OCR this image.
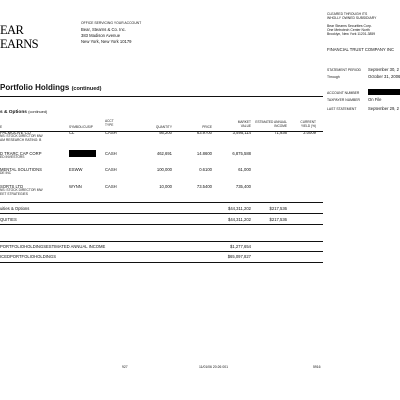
EAR
EARNS
OFFICE SERVICING YOUR ACCOUNT
Bear, Stearns & Co. Inc.
383 Madison Avenue
New York, New York 10179
CLEARED THROUGH ITS
WHOLLY OWNED SUBSIDIARY
Bear Stearns Securities Corp.
One Metrotech Center North
Brooklyn, New York 11201-3859
FINANCIAL TRUST COMPANY INC
STATEMENT PERIOD September 30, 2
Through	October 31, 2006
ACCOUNT NUMBER
TAXPAYER NUMBER On File
LAST STATEMENT	September 29, 2
Portfolio Holdings (continued)
s & Options (continued)
E	SYMBOL/CUSIP
ACCT TYPE
QUANTITY	PRICE
MARKET VALUE
ESTIMATED ANNUAL INCOME
CURRENT YIELD (%)
PALMOLIVE CO
NS: STOCK DIRECTOR MW
AM RESEARCH RATING: B
CL	CASH	56,200	63.9700	3,595,114	71,936	2.0009
D TRARC CAP CORP
ED INVESTORS
CASH	462,691	14.8600	6,875,588
MENTAL SOLUTIONS
DE INC
ESWW	CASH	100,000	0.6100	61,000
SORTS LTD
NS: STOCK DIRECTOR MW
EET STRATEGIES
WYNN	CASH	10,000	73.5400	735,400
uities & Options	$44,311,202	$217,536
QUITIES	$44,311,202	$217,536
PORTFOLIOHOLDINGSESTIMATED ANNUAL INCOME	$1,277,654
ICEDPORTFOLIOHOLDINGS	$65,097,827
927	11/01/06 20:26 001	5916
